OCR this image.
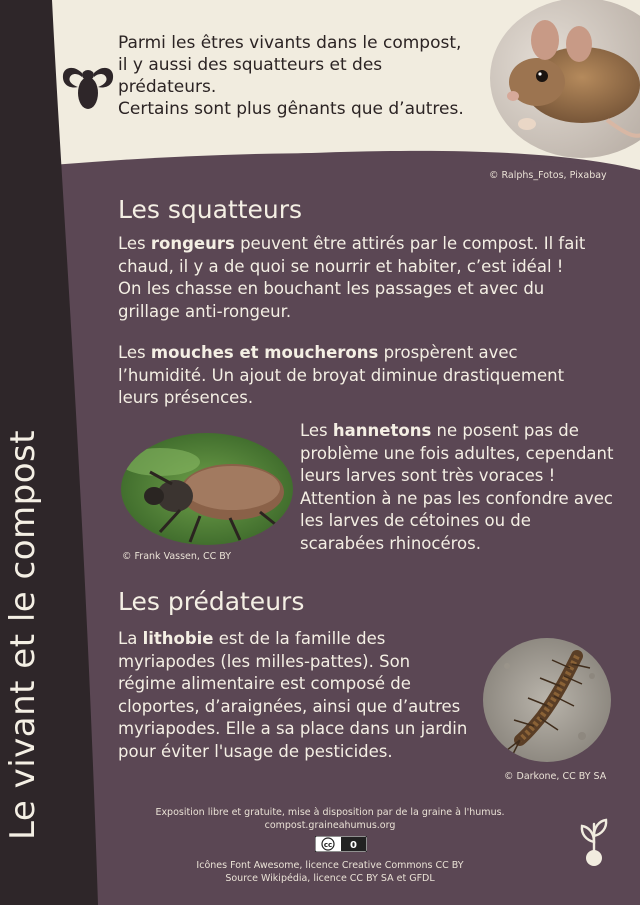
Le vivant et le compost

Parmi les êtres vivants dans le compost, il y aussi des squatteurs et des prédateurs.

Certains sont plus gênants que d’autres.

© Ralphs_Fotos, Pixabay
Les squatteurs

Les rongeurs peuvent être attirés par le compost. Il fait chaud, il y a de quoi se nourrir et habiter, c’est idéal ! On les chasse en bouchant les passages et avec du grillage anti-rongeur.

Les mouches et moucherons prospèrent avec l’humidité. Un ajout de broyat diminue drastiquement leurs présences.

© Frank Vassen, CC BY

Les hannetons ne posent pas de problème une fois adultes, cependant leurs larves sont très voraces ! Attention à ne pas les confondre avec les larves de cétoines ou de scarabées rhinocéros.

Les prédateurs

La lithobie est de la famille des myriapodes (les milles-pattes). Son régime alimentaire est composé de cloportes, d’araignées, ainsi que d’autres myriapodes. Elle a sa place dans un jardin pour éviter l'usage de pesticides.

© Darkone, CC BY SA
Exposition libre et gratuite, mise à disposition par de la graine à l'humus.
compost.graineahumus.org
cc 0
Icônes Font Awesome, licence Creative Commons CC BY
Source Wikipédia, licence CC BY SA et GFDL
